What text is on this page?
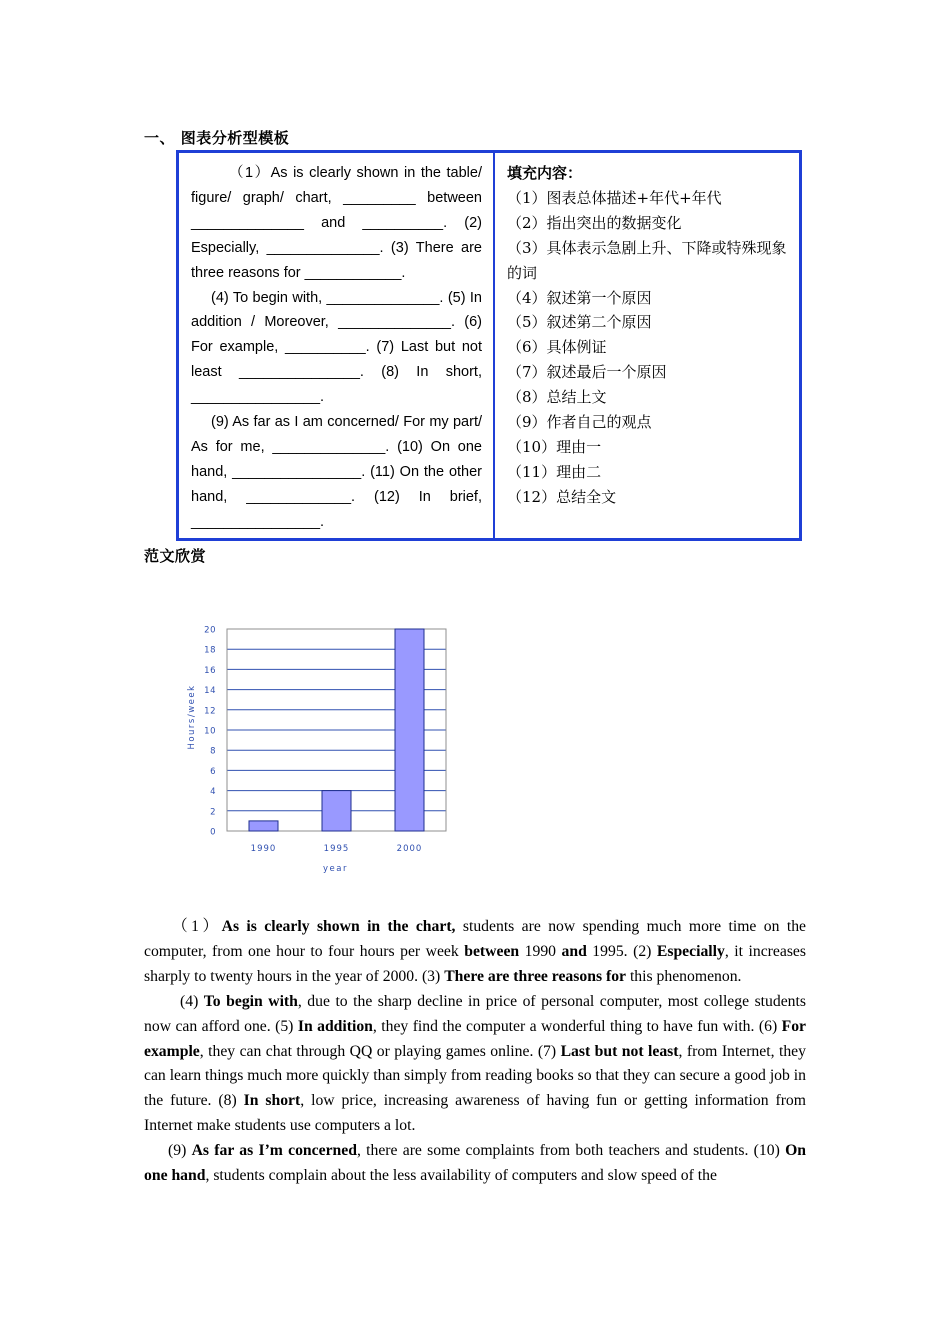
一、 图表分析型模板

（1）As is clearly shown in the table/ figure/ graph/ chart, _________ between ______________ and __________. (2) Especially, ______________. (3) There are three reasons for ____________.

(4) To begin with, ______________. (5) In addition / Moreover, ______________. (6) For example, __________. (7) Last but not least _______________. (8) In short, ________________.

(9) As far as I am concerned/ For my part/ As for me, ______________. (10) On one hand, ________________. (11) On the other hand, _____________. (12) In brief, ________________.

填充内容：
（1）图表总体描述+年代+年代
（2）指出突出的数据变化
（3）具体表示急剧上升、下降或特殊现象的词
（4）叙述第一个原因
（5）叙述第二个原因
（6）具体例证
（7）叙述最后一个原因
（8）总结上文
（9）作者自己的观点
（10）理由一
（11）理由二
（12）总结全文
范文欣赏
0
2
4
6
8
10
12
14
16
18
20
1990	1995	2000
year
Hours/week

（1）As is clearly shown in the chart, students are now spending much more time on the computer, from one hour to four hours per week between 1990 and 1995. (2) Especially, it increases sharply to twenty hours in the year of 2000. (3) There are three reasons for this phenomenon.

(4) To begin with, due to the sharp decline in price of personal computer, most college students now can afford one. (5) In addition, they find the computer a wonderful thing to have fun with. (6) For example, they can chat through QQ or playing games online. (7) Last but not least, from Internet, they can learn things much more quickly than simply from reading books so that they can secure a good job in the future. (8) In short, low price, increasing awareness of having fun or getting information from Internet make students use computers a lot.

(9) As far as I’m concerned, there are some complaints from both teachers and students. (10) On one hand, students complain about the less availability of computers and slow speed of the
